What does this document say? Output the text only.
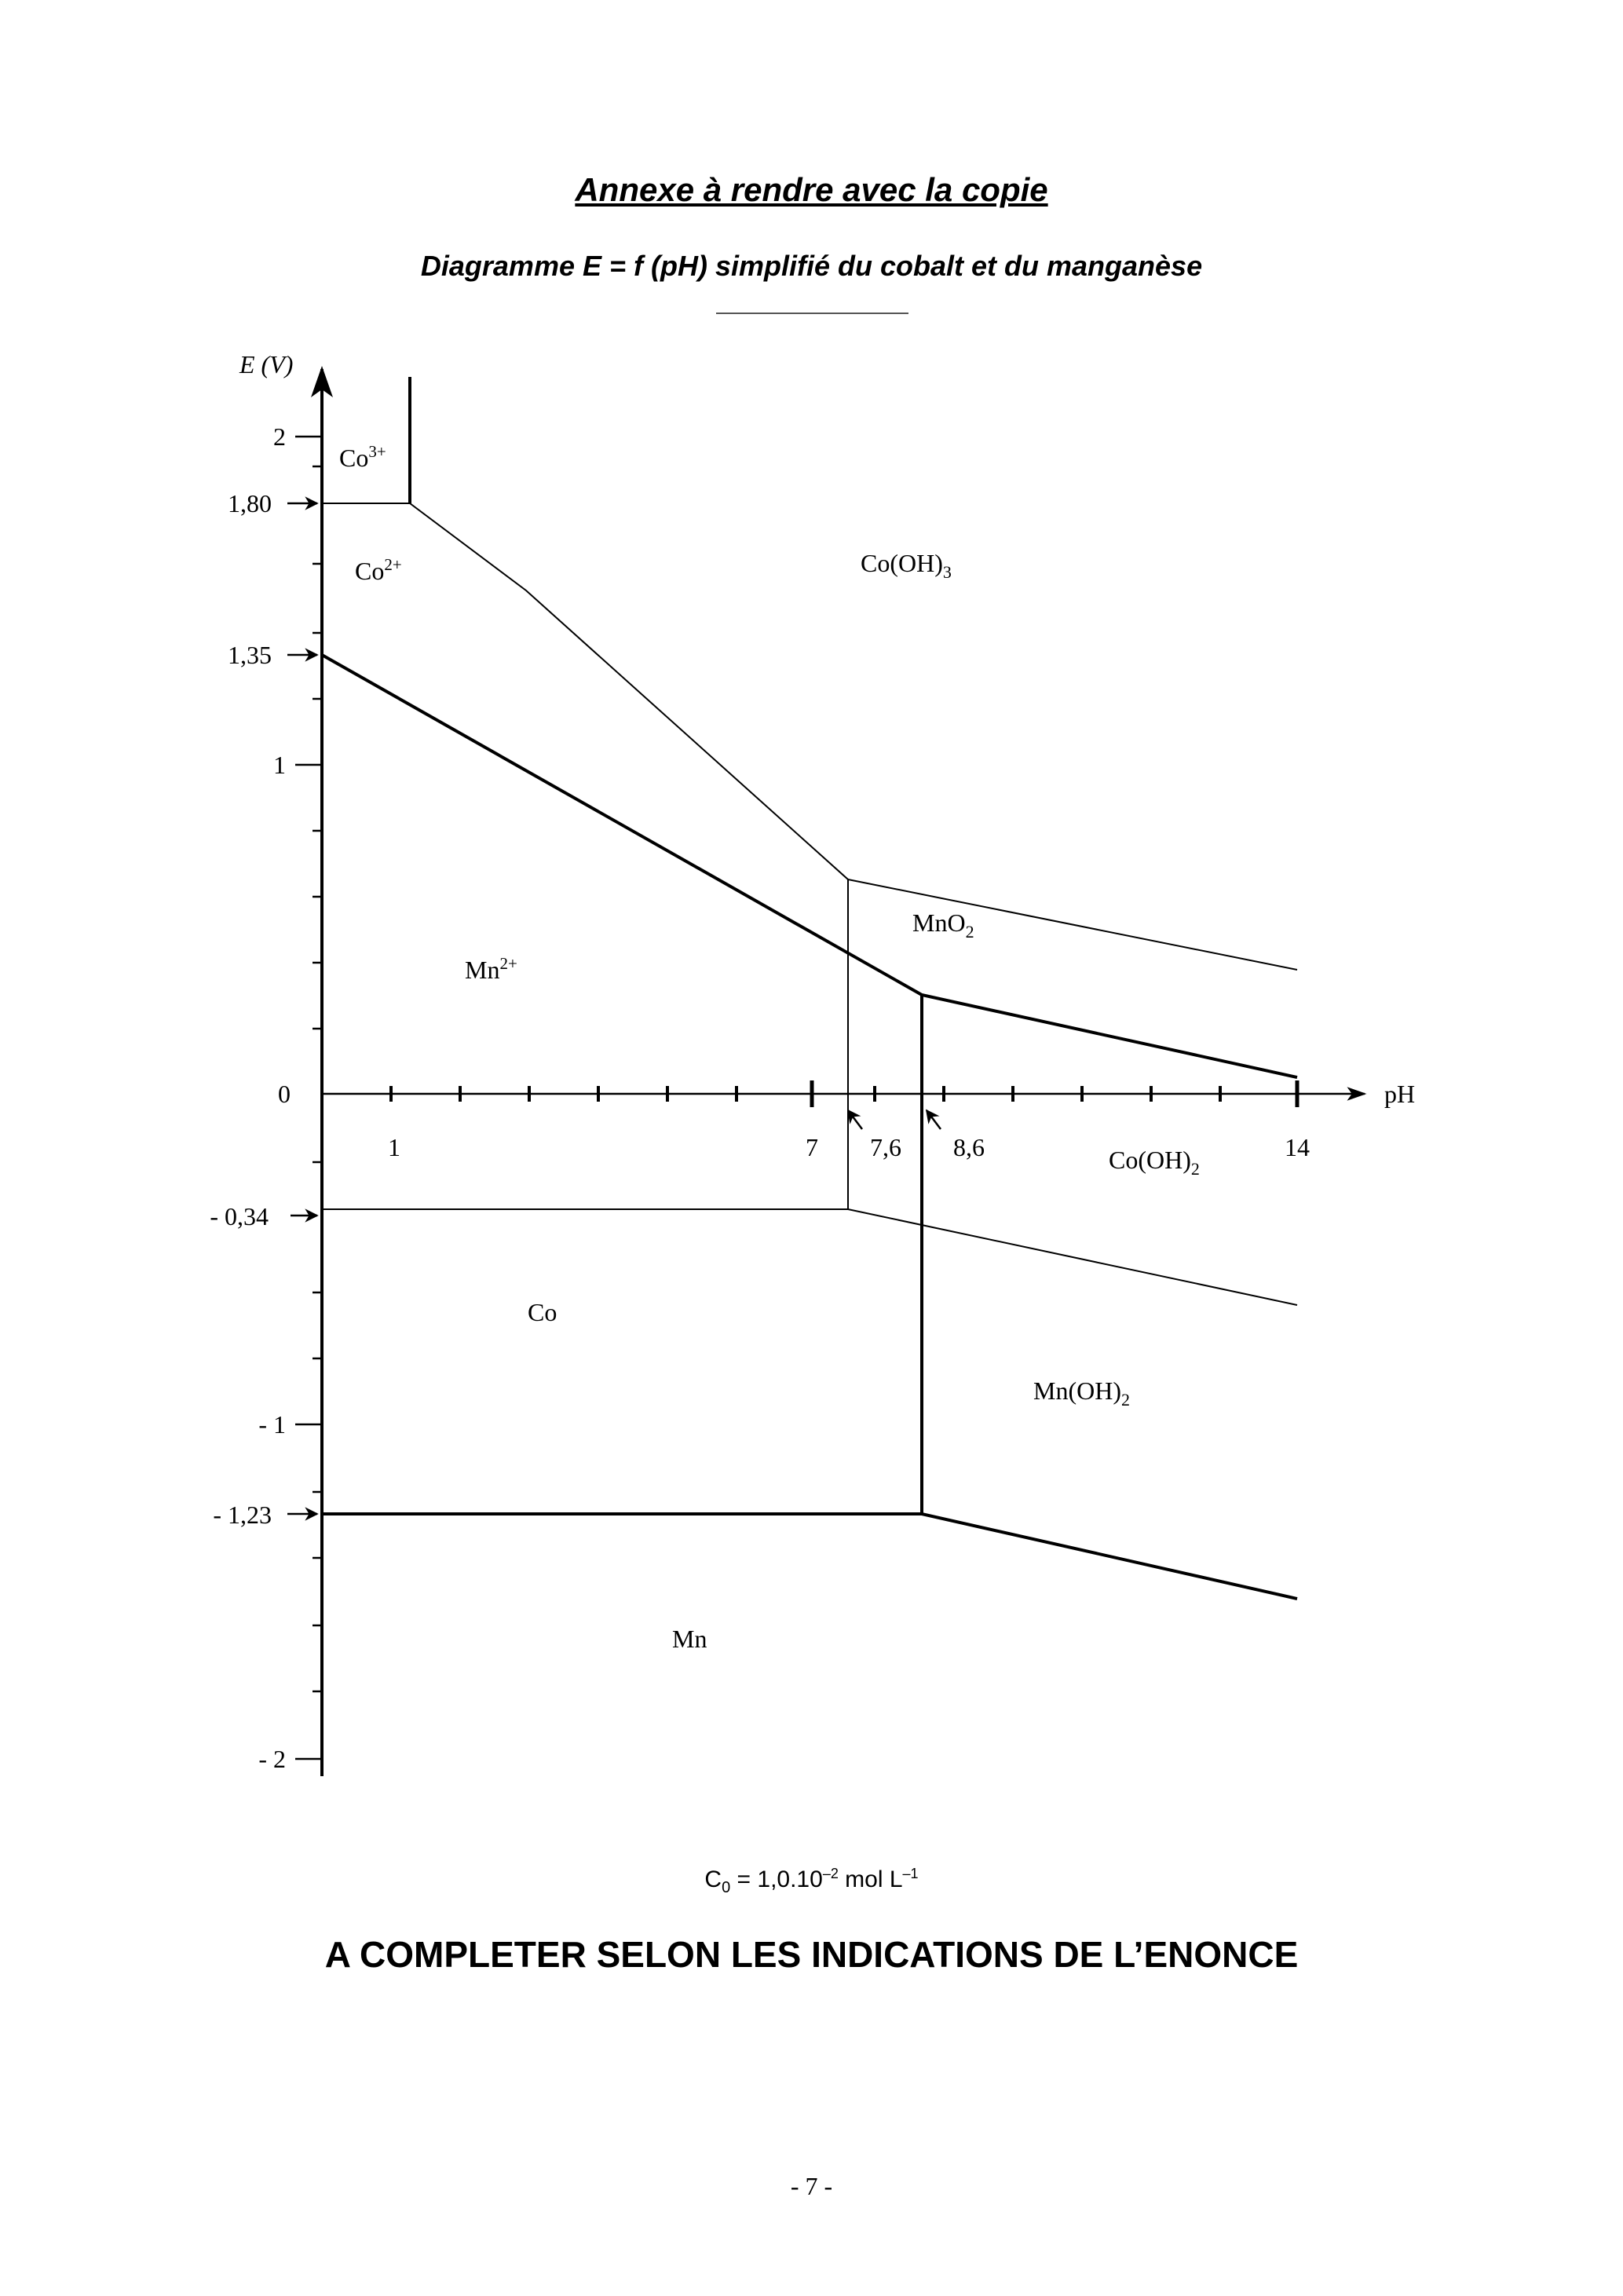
Annexe à rendre avec la copie
Diagramme E = f (pH) simplifié du cobalt et du manganèse
E (V)
pH
2
1,80
1,35
1
0
- 0,34
- 1
- 1,23
- 2
1	7 7,6 8,6	14
$Co^{3+}$
$Co^{2+}$	$Co(OH)_3$
MnO$_2$
$Mn^{2+}$
$Co(OH)_2$
Co
$Mn(OH)_2$
Mn
$C_0 = 1,0.10^{-2}$ mol $L^{-1}$
A COMPLETER SELON LES INDICATIONS DE L’ENONCE
- 7 -
